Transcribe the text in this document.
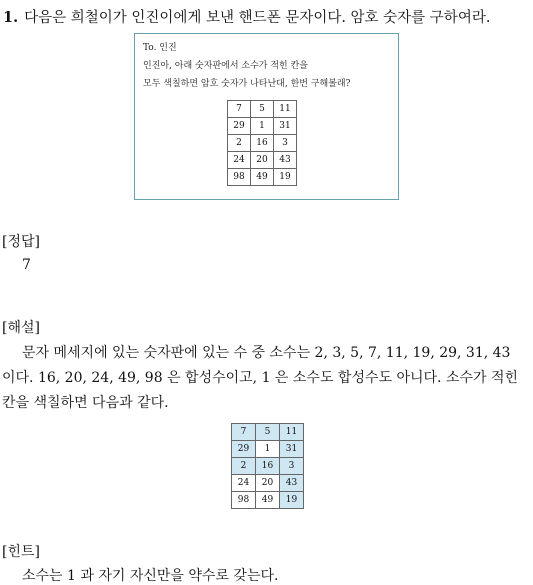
1. 다음은 희철이가 인진이에게 보낸 핸드폰 문자이다. 암호 숫자를 구하여라.
To. 인진
인진아, 아래 숫자판에서 소수가 적힌 칸을
모두 색칠하면 암호 숫자가 나타난대, 한번 구해볼래?
7	5	11
29	1	31
2	16	3
24	20	43
98	49	19
[정답]
7
[해설]
문자 메세지에 있는 숫자판에 있는 수 중 소수는 2, 3, 5, 7, 11, 19, 29, 31, 43
이다. 16, 20, 24, 49, 98 은 합성수이고, 1 은 소수도 합성수도 아니다. 소수가 적힌
칸을 색칠하면 다음과 같다.
7	5	11
29	1	31
2	16	3
24	20	43
98	49	19
[힌트]
소수는 1 과 자기 자신만을 약수로 갖는다.
